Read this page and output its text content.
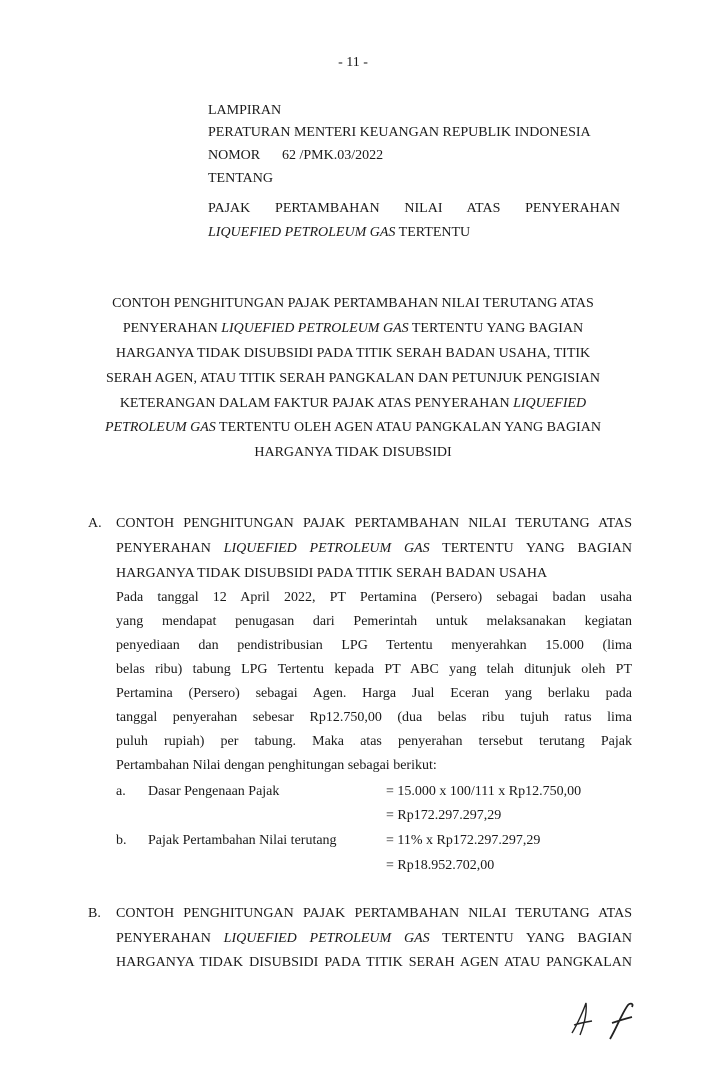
- 11 -
LAMPIRAN
PERATURAN MENTERI KEUANGAN REPUBLIK INDONESIA
NOMOR 62 /PMK.03/2022
TENTANG
PAJAK PERTAMBAHAN NILAI ATAS PENYERAHAN
LIQUEFIED PETROLEUM GAS TERTENTU
CONTOH PENGHITUNGAN PAJAK PERTAMBAHAN NILAI TERUTANG ATAS
PENYERAHAN LIQUEFIED PETROLEUM GAS TERTENTU YANG BAGIAN
HARGANYA TIDAK DISUBSIDI PADA TITIK SERAH BADAN USAHA, TITIK
SERAH AGEN, ATAU TITIK SERAH PANGKALAN DAN PETUNJUK PENGISIAN
KETERANGAN DALAM FAKTUR PAJAK ATAS PENYERAHAN LIQUEFIED
PETROLEUM GAS TERTENTU OLEH AGEN ATAU PANGKALAN YANG BAGIAN
HARGANYA TIDAK DISUBSIDI
A. CONTOH PENGHITUNGAN PAJAK PERTAMBAHAN NILAI TERUTANG ATAS
PENYERAHAN LIQUEFIED PETROLEUM GAS TERTENTU YANG BAGIAN
HARGANYA TIDAK DISUBSIDI PADA TITIK SERAH BADAN USAHA
Pada tanggal 12 April 2022, PT Pertamina (Persero) sebagai badan usaha
yang mendapat penugasan dari Pemerintah untuk melaksanakan kegiatan
penyediaan dan pendistribusian LPG Tertentu menyerahkan 15.000 (lima
belas ribu) tabung LPG Tertentu kepada PT ABC yang telah ditunjuk oleh PT
Pertamina (Persero) sebagai Agen. Harga Jual Eceran yang berlaku pada
tanggal penyerahan sebesar Rp12.750,00 (dua belas ribu tujuh ratus lima
puluh rupiah) per tabung. Maka atas penyerahan tersebut terutang Pajak
Pertambahan Nilai dengan penghitungan sebagai berikut:
a. Dasar Pengenaan Pajak	= 15.000 x 100/111 x Rp12.750,00
= Rp172.297.297,29
b. Pajak Pertambahan Nilai terutang	= 11% x Rp172.297.297,29
= Rp18.952.702,00
B. CONTOH PENGHITUNGAN PAJAK PERTAMBAHAN NILAI TERUTANG ATAS
PENYERAHAN LIQUEFIED PETROLEUM GAS TERTENTU YANG BAGIAN
HARGANYA TIDAK DISUBSIDI PADA TITIK SERAH AGEN ATAU PANGKALAN
